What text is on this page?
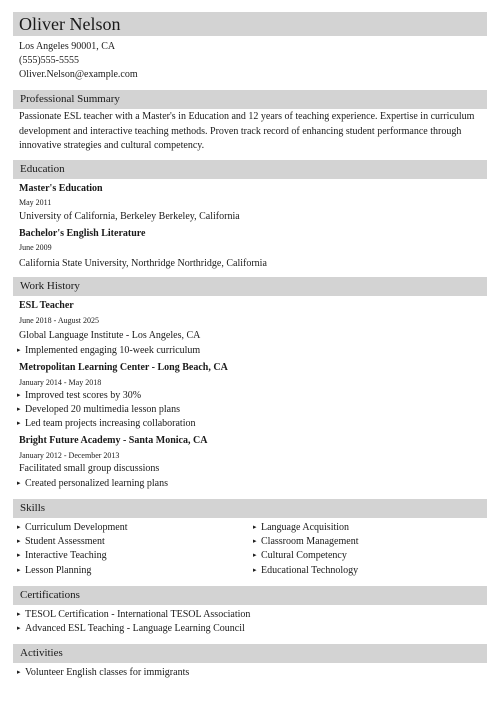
Oliver Nelson
Los Angeles 90001, CA
(555)555-5555
Oliver.Nelson@example.com
Professional Summary
Passionate ESL teacher with a Master's in Education and 12 years of teaching experience. Expertise in curriculum development and interactive teaching methods. Proven track record of enhancing student performance through innovative strategies and cultural competency.
Education
Master's Education
May 2011
University of California, Berkeley Berkeley, California
Bachelor's English Literature
June 2009
California State University, Northridge Northridge, California
Work History
ESL Teacher
June 2018 - August 2025
Global Language Institute - Los Angeles, CA
▸ Implemented engaging 10-week curriculum
Metropolitan Learning Center - Long Beach, CA
January 2014 - May 2018
▸ Improved test scores by 30%
▸ Developed 20 multimedia lesson plans
▸ Led team projects increasing collaboration
Bright Future Academy - Santa Monica, CA
January 2012 - December 2013
Facilitated small group discussions
▸ Created personalized learning plans
Skills
▸ Curriculum Development
▸ Student Assessment
▸ Interactive Teaching
▸ Lesson Planning
▸ Language Acquisition
▸ Classroom Management
▸ Cultural Competency
▸ Educational Technology
Certifications
▸ TESOL Certification - International TESOL Association
▸ Advanced ESL Teaching - Language Learning Council
Activities
▸ Volunteer English classes for immigrants
